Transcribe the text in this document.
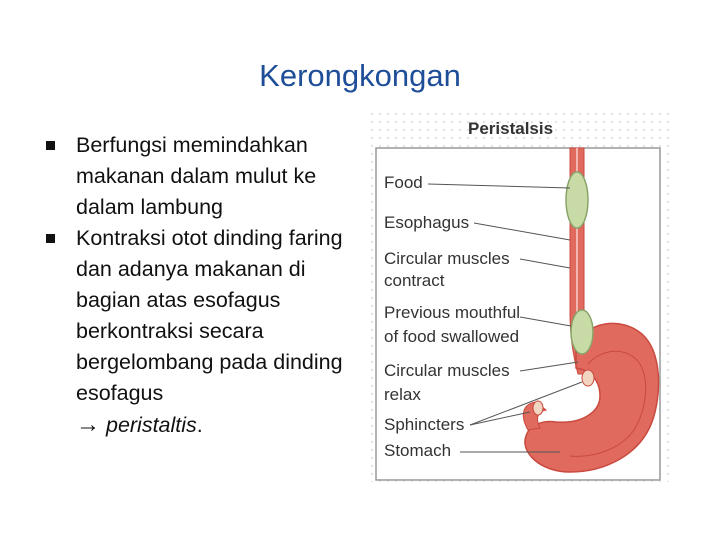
Kerongkongan
Berfungsi memindahkan makanan dalam mulut ke dalam lambung
Kontraksi otot dinding faring dan adanya makanan di bagian atas esofagus berkontraksi secara bergelombang pada dinding esofagus
→ peristaltis.
Peristalsis
Food
Esophagus
Circular muscles
contract
Previous mouthful
of food swallowed
Circular muscles
relax
Sphincters
Stomach
